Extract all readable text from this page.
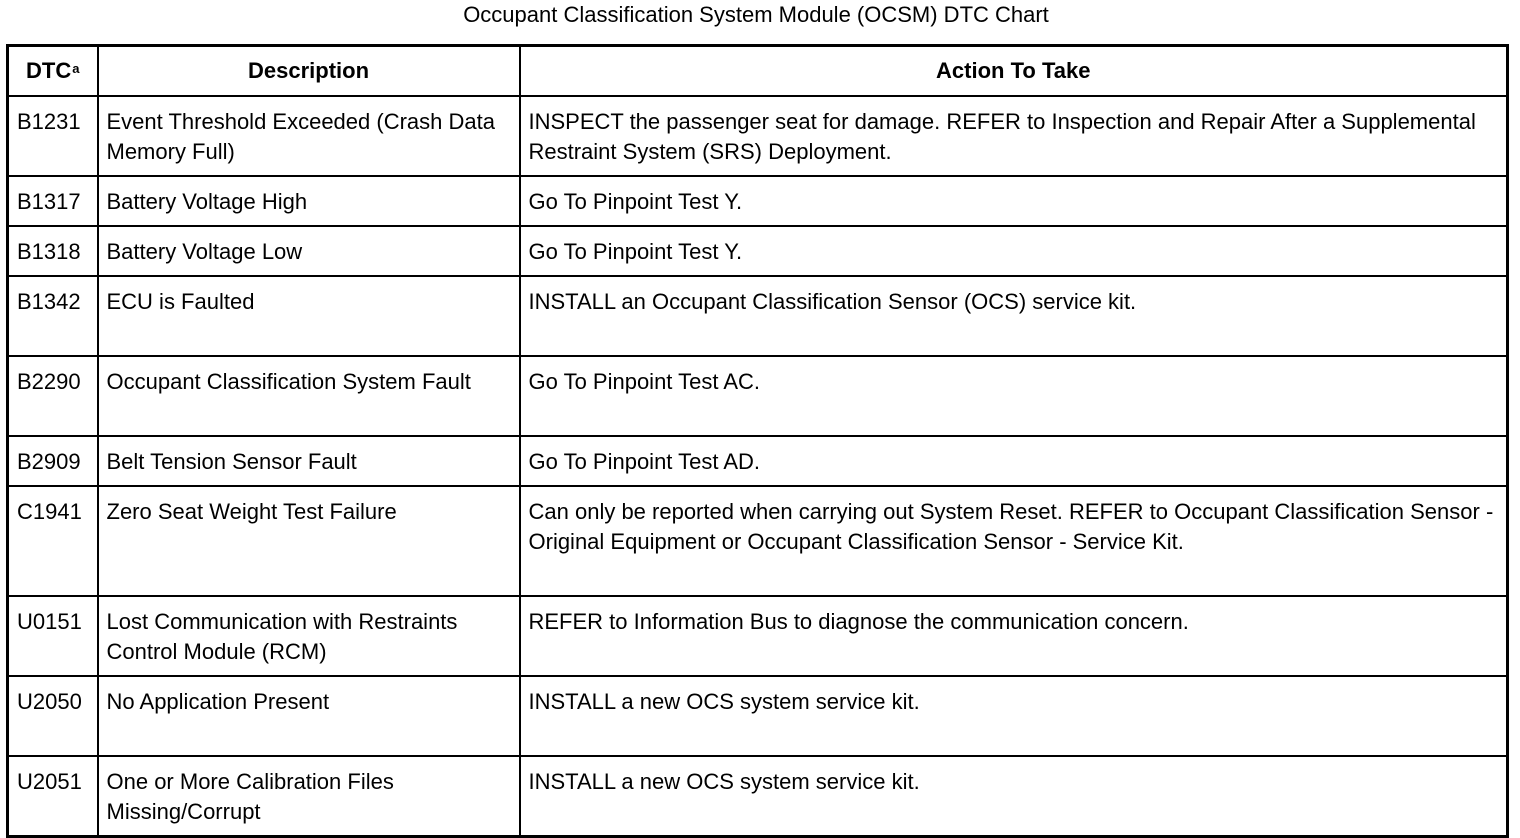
Occupant Classification System Module (OCSM) DTC Chart
DTC$^a$	Description	Action To Take
B1231	Event Threshold Exceeded (Crash Data Memory Full)	INSPECT the passenger seat for damage. REFER to Inspection and Repair After a Supplemental Restraint System (SRS) Deployment.
B1317	Battery Voltage High	Go To Pinpoint Test Y.
B1318	Battery Voltage Low	Go To Pinpoint Test Y.
B1342	ECU is Faulted	INSTALL an Occupant Classification Sensor (OCS) service kit.
B2290	Occupant Classification System Fault	Go To Pinpoint Test AC.
B2909	Belt Tension Sensor Fault	Go To Pinpoint Test AD.
C1941	Zero Seat Weight Test Failure	Can only be reported when carrying out System Reset. REFER to Occupant Classification Sensor - Original Equipment or Occupant Classification Sensor - Service Kit.
U0151	Lost Communication with Restraints Control Module (RCM)	REFER to Information Bus to diagnose the communication concern.
U2050	No Application Present	INSTALL a new OCS system service kit.
U2051	One or More Calibration Files Missing/Corrupt	INSTALL a new OCS system service kit.
